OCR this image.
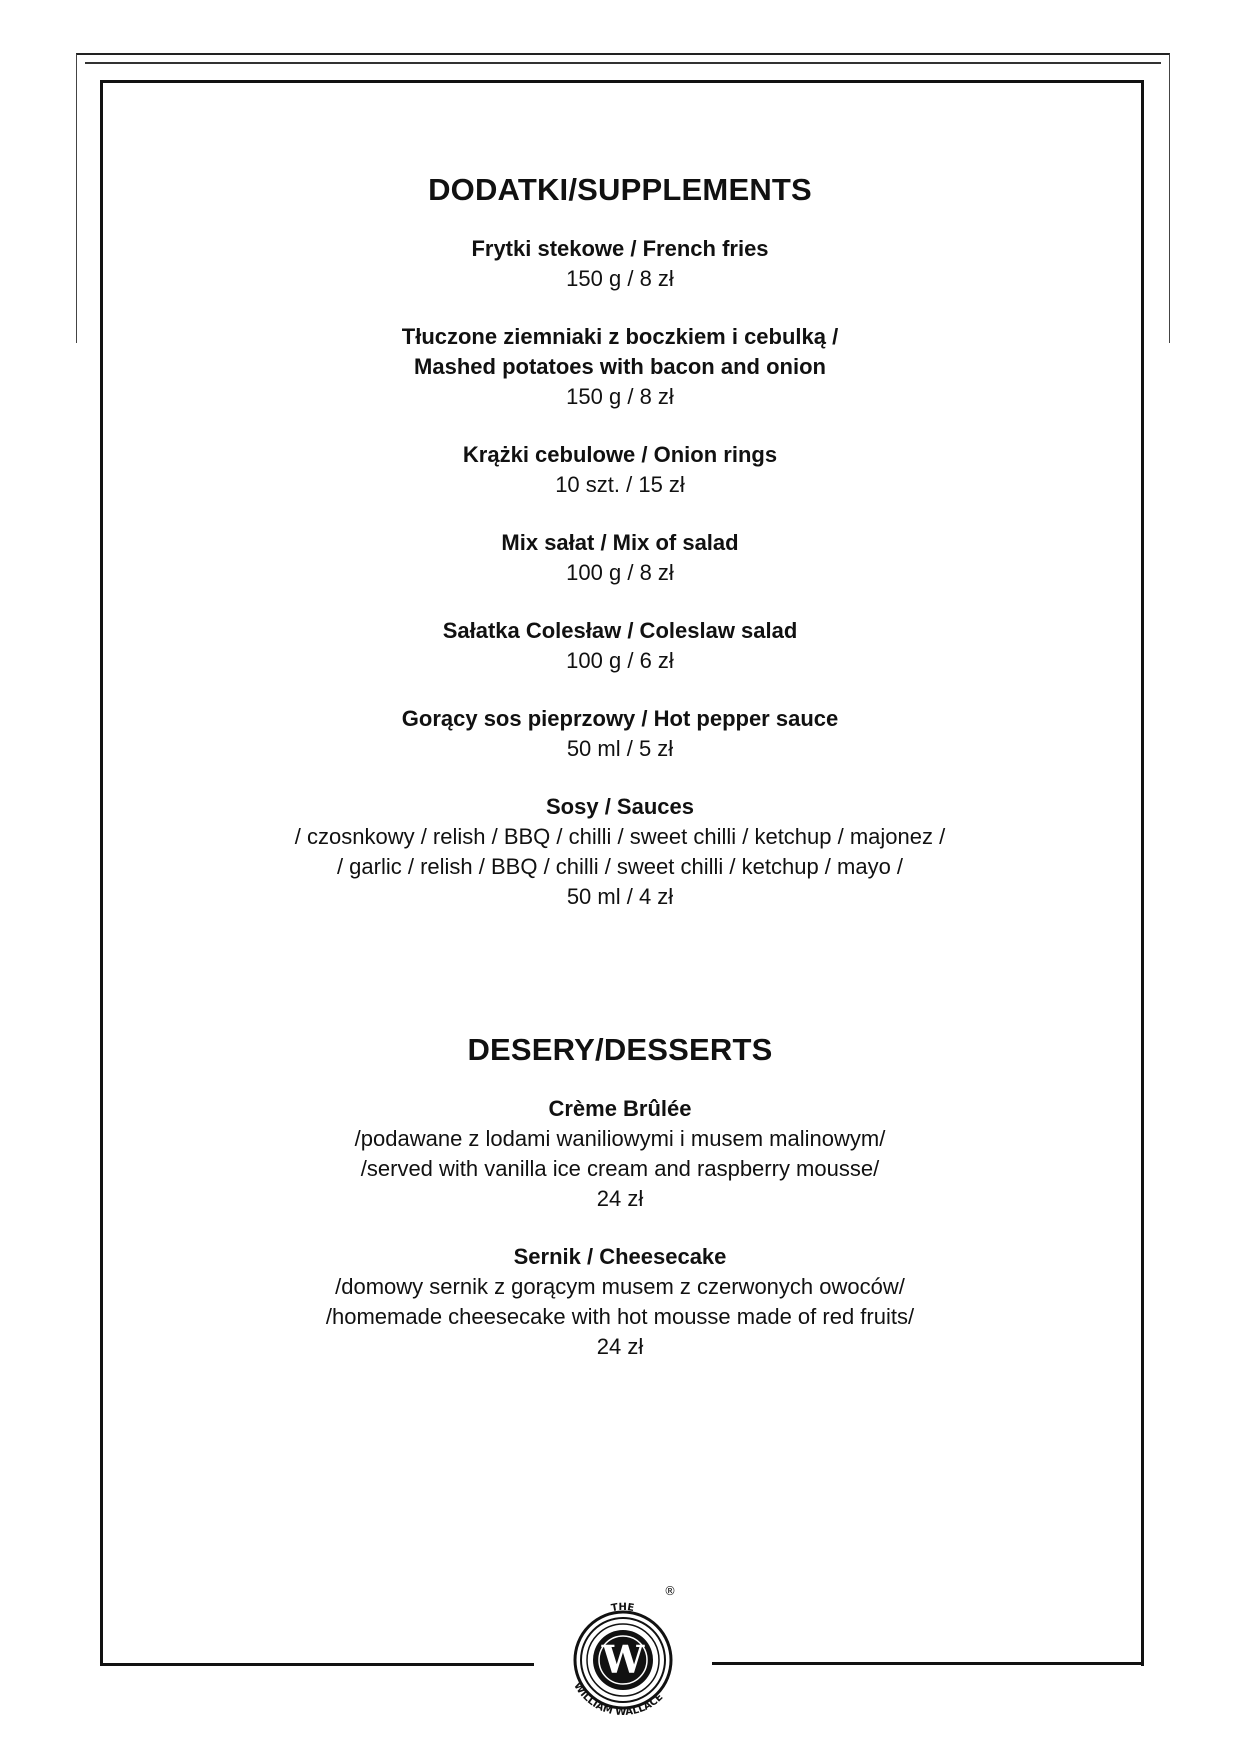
DODATKI/SUPPLEMENTS
Frytki stekowe / French fries
150 g / 8 zł
Tłuczone ziemniaki z boczkiem i cebulką /
Mashed potatoes with bacon and onion
150 g / 8 zł
Krążki cebulowe / Onion rings
10 szt. / 15 zł
Mix sałat / Mix of salad
100 g / 8 zł
Sałatka Colesław / Coleslaw salad
100 g / 6 zł
Gorący sos pieprzowy / Hot pepper sauce
50 ml / 5 zł
Sosy / Sauces
/ czosnkowy / relish / BBQ / chilli / sweet chilli / ketchup / majonez /
/ garlic / relish / BBQ / chilli / sweet chilli / ketchup / mayo /
50 ml / 4 zł
DESERY/DESSERTS
Crème Brûlée
/podawane z lodami waniliowymi i musem malinowym/
/served with vanilla ice cream and raspberry mousse/
24 zł
Sernik / Cheesecake
/domowy sernik z gorącym musem z czerwonych owoców/
/homemade cheesecake with hot mousse made of red fruits/
24 zł
W
THE
WILLIAM WALLACE
®
